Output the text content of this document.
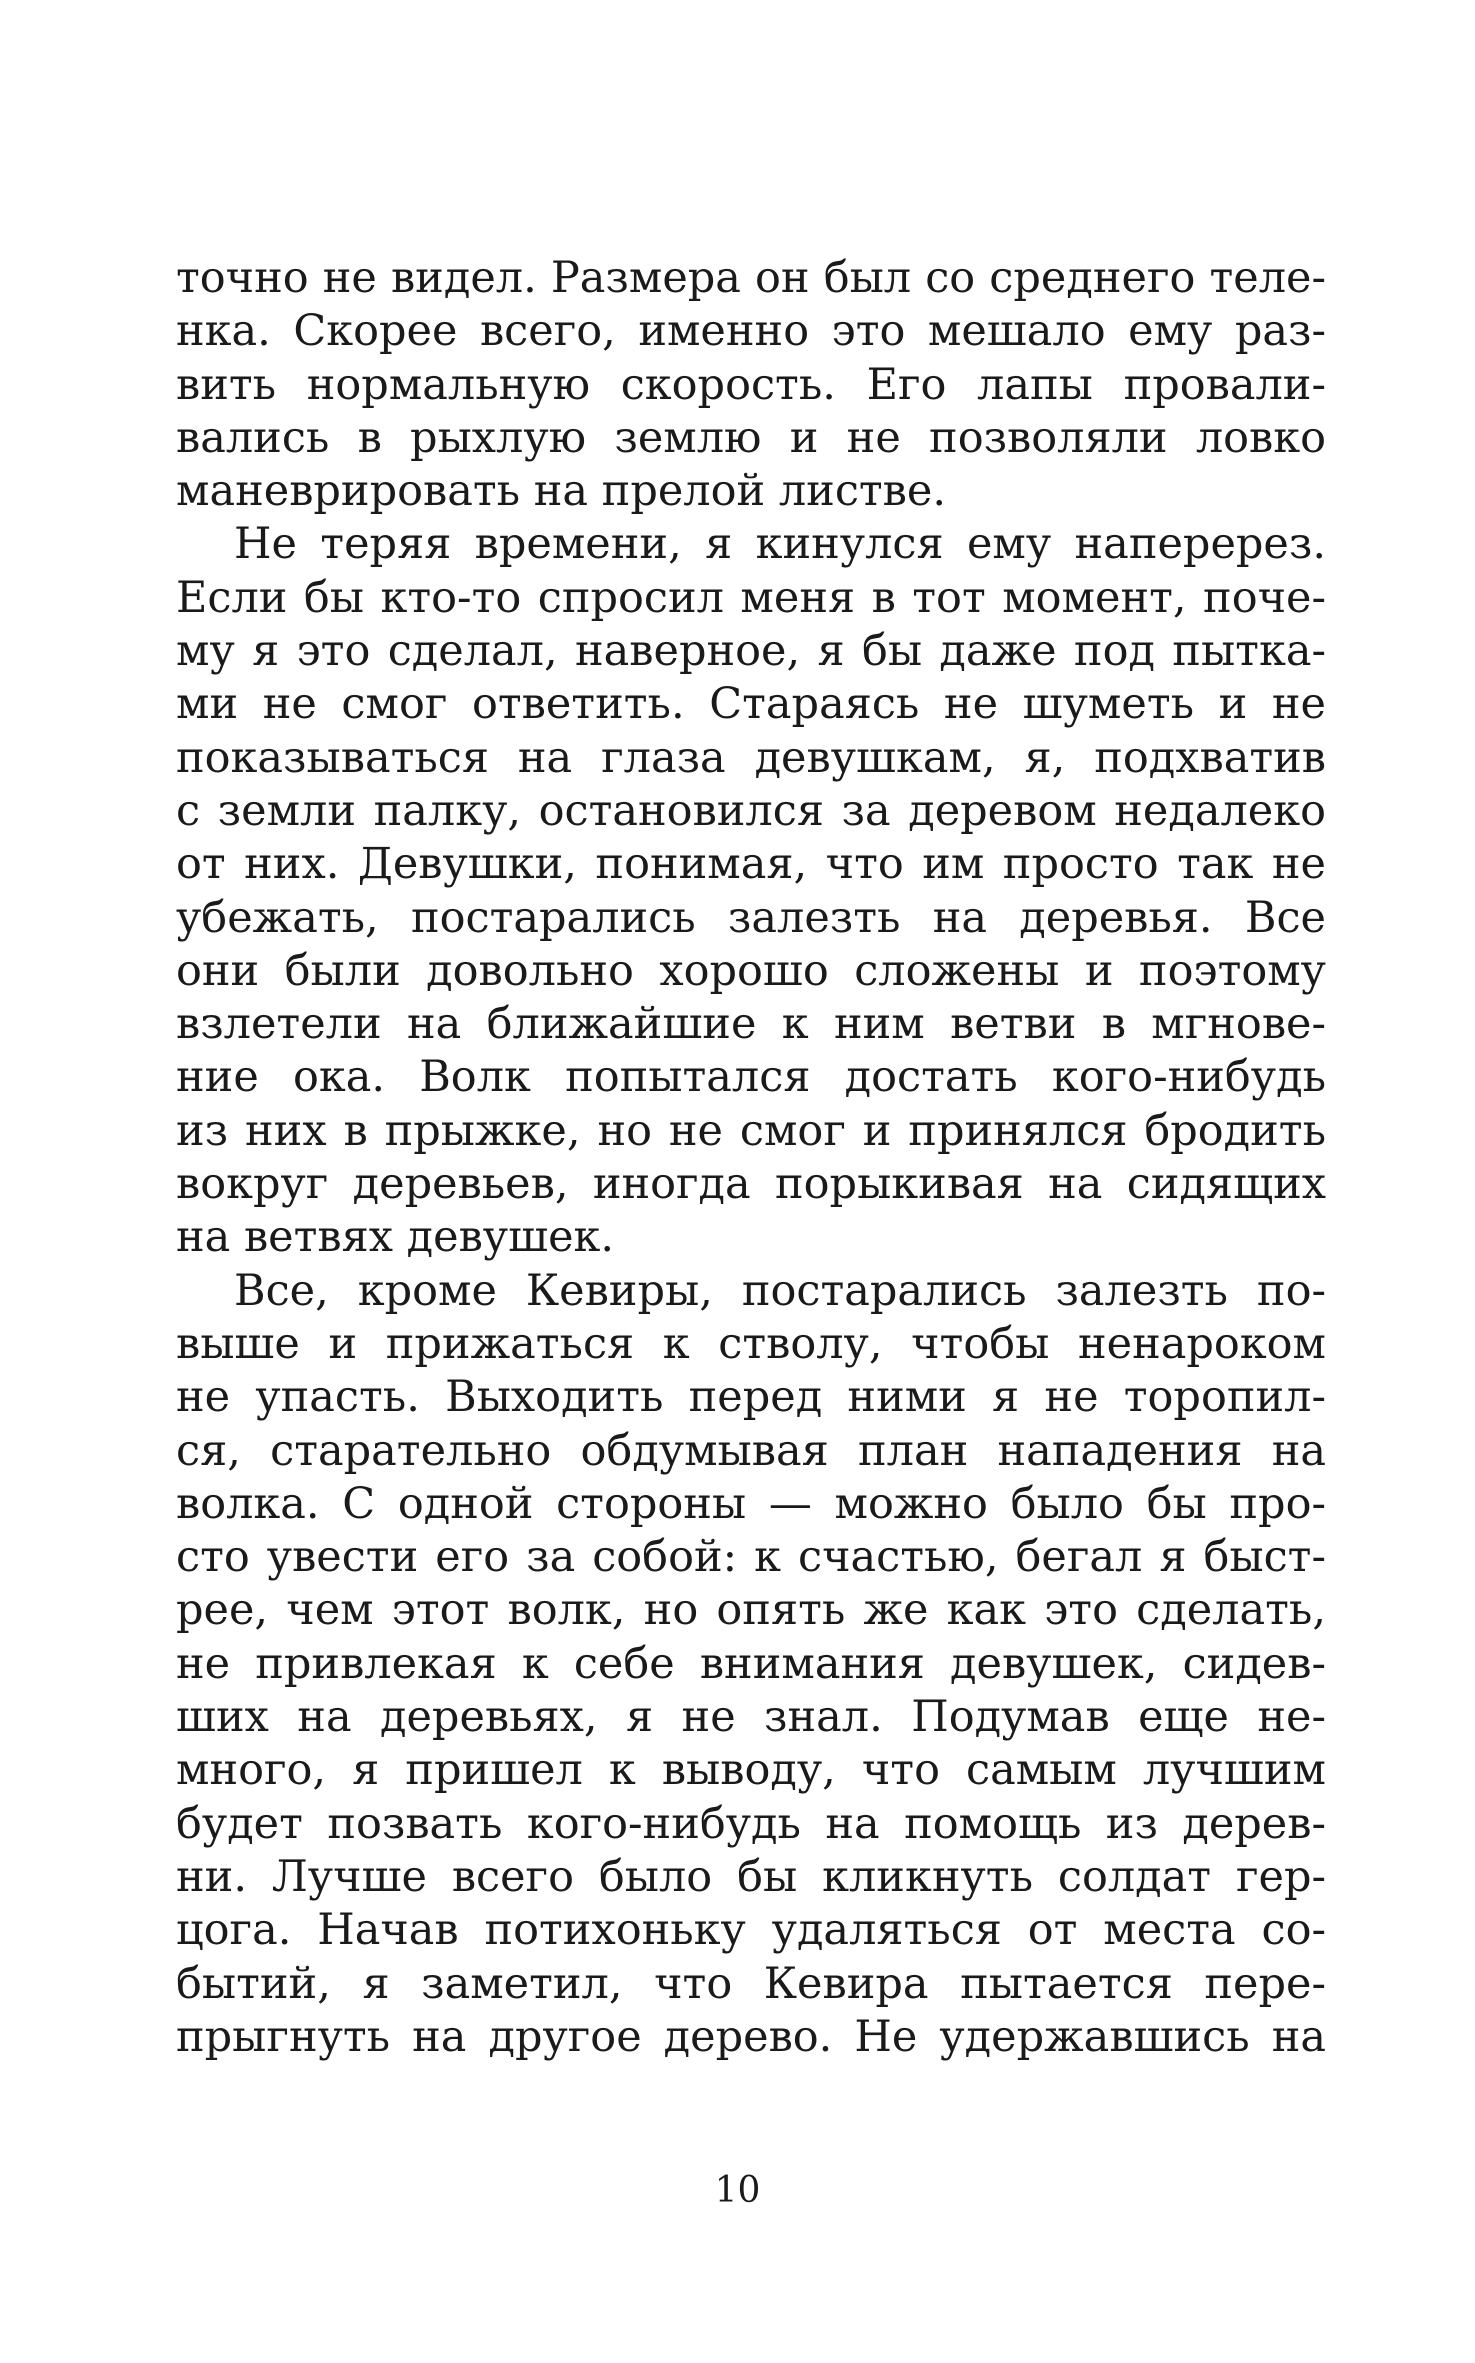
точно не видел. Размера он был со среднего теле-
нка. Скорее всего, именно это мешало ему раз-
вить нормальную скорость. Его лапы провали-
вались в рыхлую землю и не позволяли ловко
маневрировать на прелой листве.
Не теряя времени, я кинулся ему наперерез.
Если бы кто-то спросил меня в тот момент, поче-
му я это сделал, наверное, я бы даже под пытка-
ми не смог ответить. Стараясь не шуметь и не
показываться на глаза девушкам, я, подхватив
с земли палку, остановился за деревом недалеко
от них. Девушки, понимая, что им просто так не
убежать, постарались залезть на деревья. Все
они были довольно хорошо сложены и поэтому
взлетели на ближайшие к ним ветви в мгнове-
ние ока. Волк попытался достать кого-нибудь
из них в прыжке, но не смог и принялся бродить
вокруг деревьев, иногда порыкивая на сидящих
на ветвях девушек.
Все, кроме Кевиры, постарались залезть по-
выше и прижаться к стволу, чтобы ненароком
не упасть. Выходить перед ними я не торопил-
ся, старательно обдумывая план нападения на
волка. С одной стороны — можно было бы про-
сто увести его за собой: к счастью, бегал я быст-
рее, чем этот волк, но опять же как это сделать,
не привлекая к себе внимания девушек, сидев-
ших на деревьях, я не знал. Подумав еще не-
много, я пришел к выводу, что самым лучшим
будет позвать кого-нибудь на помощь из дерев-
ни. Лучше всего было бы кликнуть солдат гер-
цога. Начав потихоньку удаляться от места со-
бытий, я заметил, что Кевира пытается пере-
прыгнуть на другое дерево. Не удержавшись на
10
